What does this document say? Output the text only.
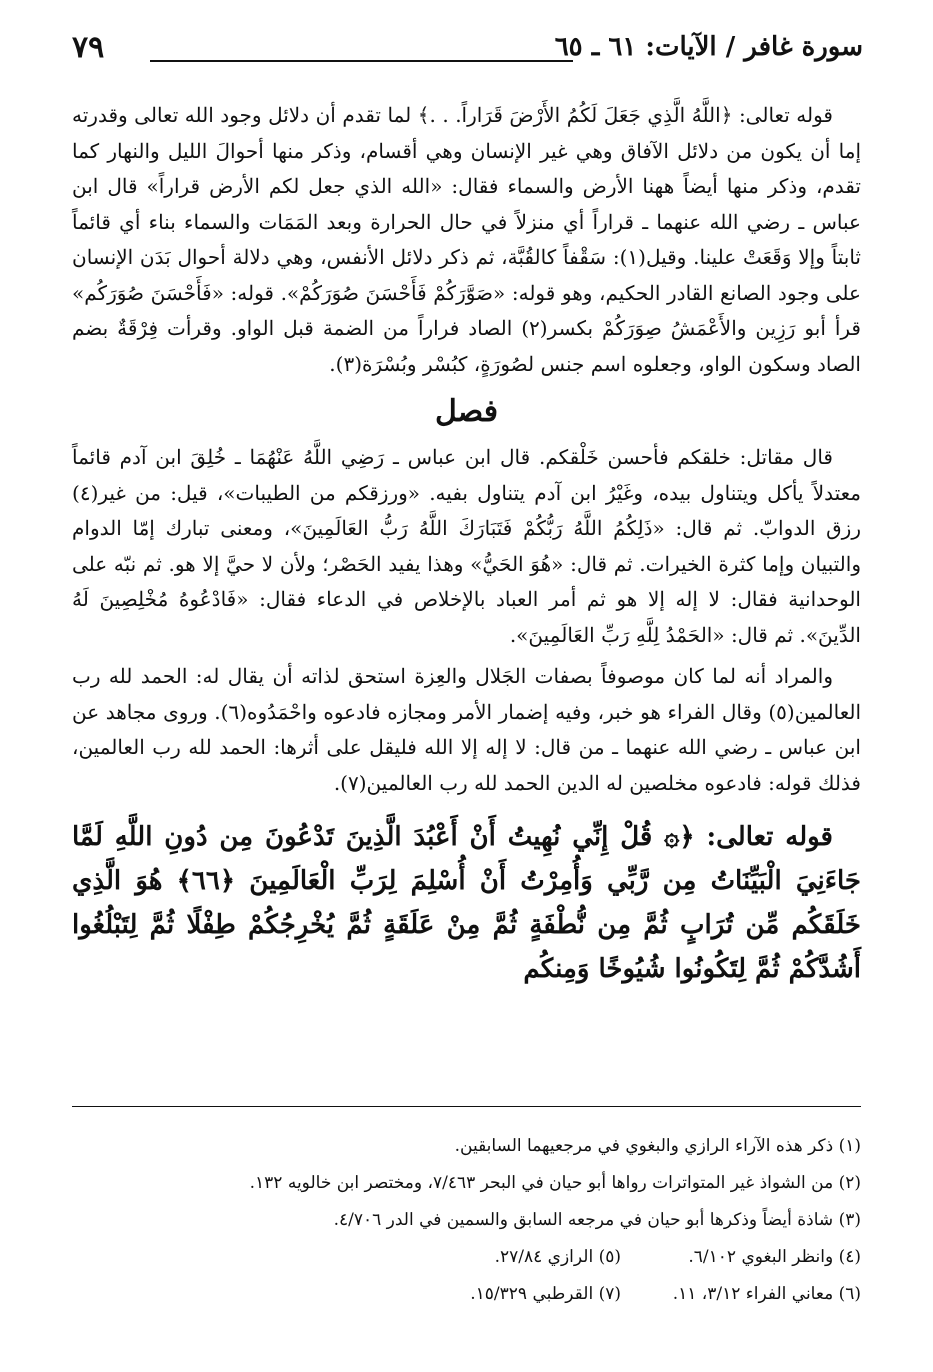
سورة غافر / الآيات: ٦١ ـ ٦٥
٧٩

قوله تعالى: ﴿اللَّهُ الَّذِي جَعَلَ لَكُمُ الأَرْضَ قَرَاراً. . .﴾ لما تقدم أن دلائل وجود الله تعالى وقدرته إما أن يكون من دلائل الآفاق وهي غير الإنسان وهي أقسام، وذكر منها أحوالَ الليل والنهار كما تقدم، وذكر منها أيضاً ههنا الأرض والسماء فقال: «الله الذي جعل لكم الأرض قراراً» قال ابن عباس ـ رضي الله عنهما ـ قراراً أي منزلاً في حال الحرارة وبعد المَمَات والسماء بناء أي قائماً ثابتاً وإلا وَقَعَتْ علينا. وقيل(١): سَقْفاً كالقُبَّة، ثم ذكر دلائل الأنفس، وهي دلالة أحوال بَدَن الإنسان على وجود الصانع القادر الحكيم، وهو قوله: «صَوَّرَكُمْ فَأَحْسَنَ صُوَرَكُمْ». قوله: «فَأَحْسَنَ صُوَرَكُم» قرأ أبو رَزِين والأَعْمَشُ صِوَرَكُمْ بكسر(٢) الصاد فراراً من الضمة قبل الواو. وقرأت فِرْقَةٌ بضم الصاد وسكون الواو، وجعلوه اسم جنس لصُورَةٍ، كبُسْر وبُسْرَة(٣).

فصل

قال مقاتل: خلقكم فأحسن خَلْقكم. قال ابن عباس ـ رَضِي اللَّهُ عَنْهُمَا ـ خُلِقَ ابن آدم قائماً معتدلاً يأكل ويتناول بيده، وغَيْرُ ابن آدم يتناول بفيه. «ورزقكم من الطيبات»، قيل: من غير(٤) رزق الدوابّ. ثم قال: «ذَلِكُمُ اللَّهُ رَبُّكُمْ فَتَبَارَكَ اللَّهُ رَبُّ العَالَمِينَ»، ومعنى تبارك إمّا الدوام والتبيان وإما كثرة الخيرات. ثم قال: «هُوَ الحَيُّ» وهذا يفيد الحَصْر؛ ولأن لا حيَّ إلا هو. ثم نبّه على الوحدانية فقال: لا إله إلا هو ثم أمر العباد بالإخلاص في الدعاء فقال: «فَادْعُوهُ مُخْلِصِينَ لَهُ الدِّينَ». ثم قال: «الحَمْدُ لِلَّهِ رَبِّ العَالَمِينَ».

والمراد أنه لما كان موصوفاً بصفات الجَلال والعِزة استحق لذاته أن يقال له: الحمد لله رب العالمين(٥) وقال الفراء هو خبر، وفيه إضمار الأمر ومجازه فادعوه واحْمَدُوه(٦). وروى مجاهد عن ابن عباس ـ رضي الله عنهما ـ من قال: لا إله إلا الله فليقل على أثرها: الحمد لله رب العالمين، فذلك قوله: فادعوه مخلصين له الدين الحمد لله رب العالمين(٧).

قوله تعالى: ﴿۞ قُلْ إِنِّي نُهِيتُ أَنْ أَعْبُدَ الَّذِينَ تَدْعُونَ مِن دُونِ اللَّهِ لَمَّا جَاءَنِيَ الْبَيِّنَاتُ مِن رَّبِّي وَأُمِرْتُ أَنْ أُسْلِمَ لِرَبِّ الْعَالَمِينَ ﴿٦٦﴾ هُوَ الَّذِي خَلَقَكُم مِّن تُرَابٍ ثُمَّ مِن نُّطْفَةٍ ثُمَّ مِنْ عَلَقَةٍ ثُمَّ يُخْرِجُكُمْ طِفْلًا ثُمَّ لِتَبْلُغُوا أَشُدَّكُمْ ثُمَّ لِتَكُونُوا شُيُوخًا وَمِنكُم

(١) ذكر هذه الآراء الرازي والبغوي في مرجعيهما السابقين.
(٢) من الشواذ غير المتواترات رواها أبو حيان في البحر ٧/٤٦٣، ومختصر ابن خالويه ١٣٢.
(٣) شاذة أيضاً وذكرها أبو حيان في مرجعه السابق والسمين في الدر ٤/٧٠٦.
(٤) وانظر البغوي ٦/١٠٢.
(٥) الرازي ٢٧/٨٤.
(٦) معاني الفراء ٣/١٢، ١١.
(٧) القرطبي ١٥/٣٢٩.
